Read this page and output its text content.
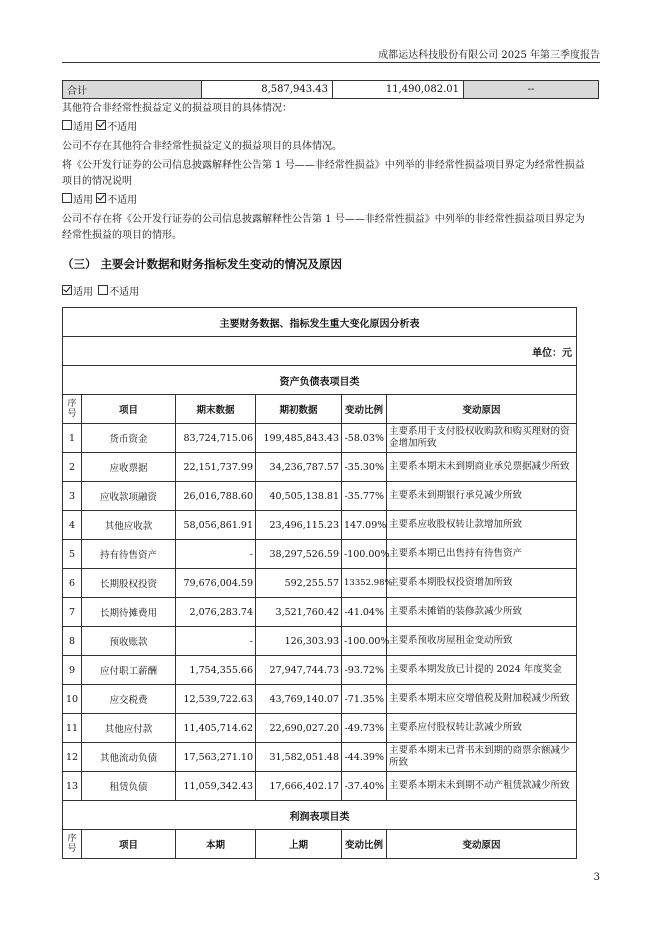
成都运达科技股份有限公司 2025 年第三季度报告
合计	8,587,943.43	11,490,082.01	--
其他符合非经常性损益定义的损益项目的具体情况：
适用 不适用
公司不存在其他符合非经常性损益定义的损益项目的具体情况。
将《公开发行证券的公司信息披露解释性公告第 1 号——非经常性损益》中列举的非经常性损益项目界定为经常性损益
项目的情况说明
适用 不适用
公司不存在将《公开发行证券的公司信息披露解释性公告第 1 号——非经常性损益》中列举的非经常性损益项目界定为
经常性损益的项目的情形。
（三） 主要会计数据和财务指标发生变动的情况及原因
适用 不适用
主要财务数据、指标发生重大变化原因分析表					
单位：元					
资产负债表项目类					
序号	项目	期末数据	期初数据	变动比例	变动原因
1	货币资金	83,724,715.06	199,485,843.43	-58.03%	主要系用于支付股权收购款和购买理财的资金增加所致
2	应收票据	22,151,737.99	34,236,787.57	-35.30%	主要系本期末未到期商业承兑票据减少所致
3	应收款项融资	26,016,788.60	40,505,138.81	-35.77%	主要系未到期银行承兑减少所致
4	其他应收款	58,056,861.91	23,496,115.23	147.09%	主要系应收股权转让款增加所致
5	持有待售资产	-	38,297,526.59	-100.00%	主要系本期已出售持有待售资产
6	长期股权投资	79,676,004.59	592,255.57	13352.98%	主要系本期股权投资增加所致
7	长期待摊费用	2,076,283.74	3,521,760.42	-41.04%	主要系未摊销的装修款减少所致
8	预收账款	-	126,303.93	-100.00%	主要系预收房屋租金变动所致
9	应付职工薪酬	1,754,355.66	27,947,744.73	-93.72%	主要系本期发放已计提的 2024 年度奖金
10	应交税费	12,539,722.63	43,769,140.07	-71.35%	主要系本期末应交增值税及附加税减少所致
11	其他应付款	11,405,714.62	22,690,027.20	-49.73%	主要系应付股权转让款减少所致
12	其他流动负债	17,563,271.10	31,582,051.48	-44.39%	主要系本期末已背书未到期的商票余额减少所致
13	租赁负债	11,059,342.43	17,666,402.17	-37.40%	主要系本期末未到期不动产租赁款减少所致
利润表项目类					
序号	项目	本期	上期	变动比例	变动原因
3
